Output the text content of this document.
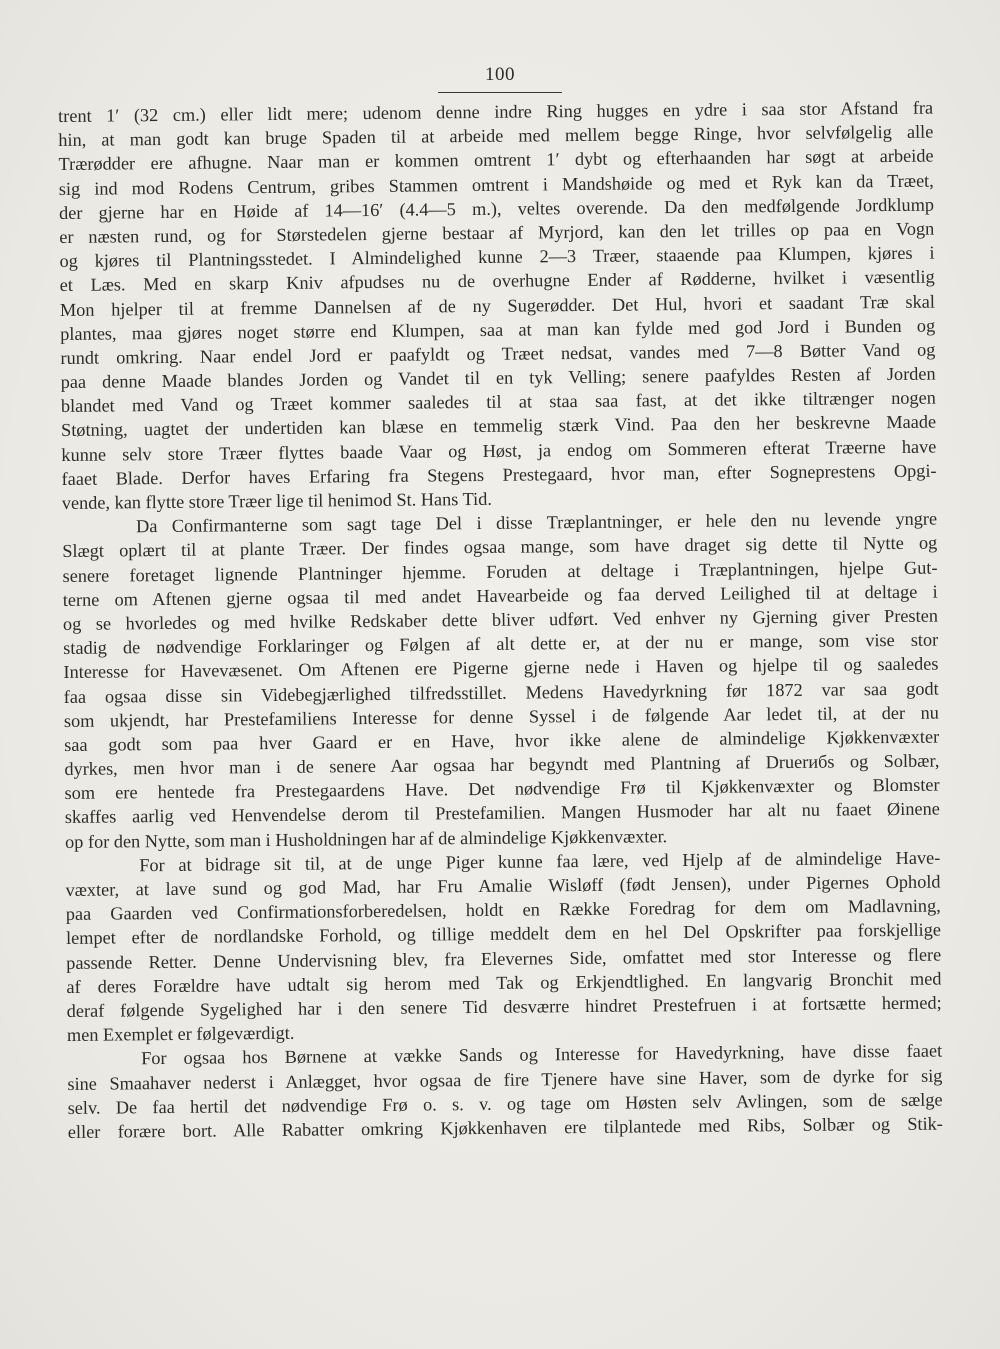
100
trent 1′ (32 cm.) eller lidt mere; udenom denne indre Ring hugges en ydre i saa stor Afstand fra
hin, at man godt kan bruge Spaden til at arbeide med mellem begge Ringe, hvor selvfølgelig alle
Trærødder ere afhugne. Naar man er kommen omtrent 1′ dybt og efterhaanden har søgt at arbeide
sig ind mod Rodens Centrum, gribes Stammen omtrent i Mandshøide og med et Ryk kan da Træet,
der gjerne har en Høide af 14—16′ (4.4—5 m.), veltes overende. Da den medfølgende Jordklump
er næsten rund, og for Størstedelen gjerne bestaar af Myrjord, kan den let trilles op paa en Vogn
og kjøres til Plantningsstedet. I Almindelighed kunne 2—3 Træer, staaende paa Klumpen, kjøres i
et Læs. Med en skarp Kniv afpudses nu de overhugne Ender af Rødderne, hvilket i væsentlig
Mon hjelper til at fremme Dannelsen af de ny Sugerødder. Det Hul, hvori et saadant Træ skal
plantes, maa gjøres noget større end Klumpen, saa at man kan fylde med god Jord i Bunden og
rundt omkring. Naar endel Jord er paafyldt og Træet nedsat, vandes med 7—8 Bøtter Vand og
paa denne Maade blandes Jorden og Vandet til en tyk Velling; senere paafyldes Resten af Jorden
blandet med Vand og Træet kommer saaledes til at staa saa fast, at det ikke tiltrænger nogen
Støtning, uagtet der undertiden kan blæse en temmelig stærk Vind. Paa den her beskrevne Maade
kunne selv store Træer flyttes baade Vaar og Høst, ja endog om Sommeren efterat Træerne have
faaet Blade. Derfor haves Erfaring fra Stegens Prestegaard, hvor man, efter Sogneprestens Opgi-
vende, kan flytte store Træer lige til henimod St. Hans Tid.
Da Confirmanterne som sagt tage Del i disse Træplantninger, er hele den nu levende yngre
Slægt oplært til at plante Træer. Der findes ogsaa mange, som have draget sig dette til Nytte og
senere foretaget lignende Plantninger hjemme. Foruden at deltage i Træplantningen, hjelpe Gut-
terne om Aftenen gjerne ogsaa til med andet Havearbeide og faa derved Leilighed til at deltage i
og se hvorledes og med hvilke Redskaber dette bliver udført. Ved enhver ny Gjerning giver Presten
stadig de nødvendige Forklaringer og Følgen af alt dette er, at der nu er mange, som vise stor
Interesse for Havevæsenet. Om Aftenen ere Pigerne gjerne nede i Haven og hjelpe til og saaledes
faa ogsaa disse sin Videbegjærlighed tilfredsstillet. Medens Havedyrkning før 1872 var saa godt
som ukjendt, har Prestefamiliens Interesse for denne Syssel i de følgende Aar ledet til, at der nu
saa godt som paa hver Gaard er en Have, hvor ikke alene de almindelige Kjøkkenvæxter
dyrkes, men hvor man i de senere Aar ogsaa har begyndt med Plantning af Druerибs og Solbær,
som ere hentede fra Prestegaardens Have. Det nødvendige Frø til Kjøkkenvæxter og Blomster
skaffes aarlig ved Henvendelse derom til Prestefamilien. Mangen Husmoder har alt nu faaet Øinene
op for den Nytte, som man i Husholdningen har af de almindelige Kjøkkenvæxter.
For at bidrage sit til, at de unge Piger kunne faa lære, ved Hjelp af de almindelige Have-
væxter, at lave sund og god Mad, har Fru Amalie Wisløff (født Jensen), under Pigernes Ophold
paa Gaarden ved Confirmationsforberedelsen, holdt en Række Foredrag for dem om Madlavning,
lempet efter de nordlandske Forhold, og tillige meddelt dem en hel Del Opskrifter paa forskjellige
passende Retter. Denne Undervisning blev, fra Elevernes Side, omfattet med stor Interesse og flere
af deres Forældre have udtalt sig herom med Tak og Erkjendtlighed. En langvarig Bronchit med
deraf følgende Sygelighed har i den senere Tid desværre hindret Prestefruen i at fortsætte hermed;
men Exemplet er følgeværdigt.
For ogsaa hos Børnene at vække Sands og Interesse for Havedyrkning, have disse faaet
sine Smaahaver nederst i Anlægget, hvor ogsaa de fire Tjenere have sine Haver, som de dyrke for sig
selv. De faa hertil det nødvendige Frø o. s. v. og tage om Høsten selv Avlingen, som de sælge
eller forære bort. Alle Rabatter omkring Kjøkkenhaven ere tilplantede med Ribs, Solbær og Stik-
